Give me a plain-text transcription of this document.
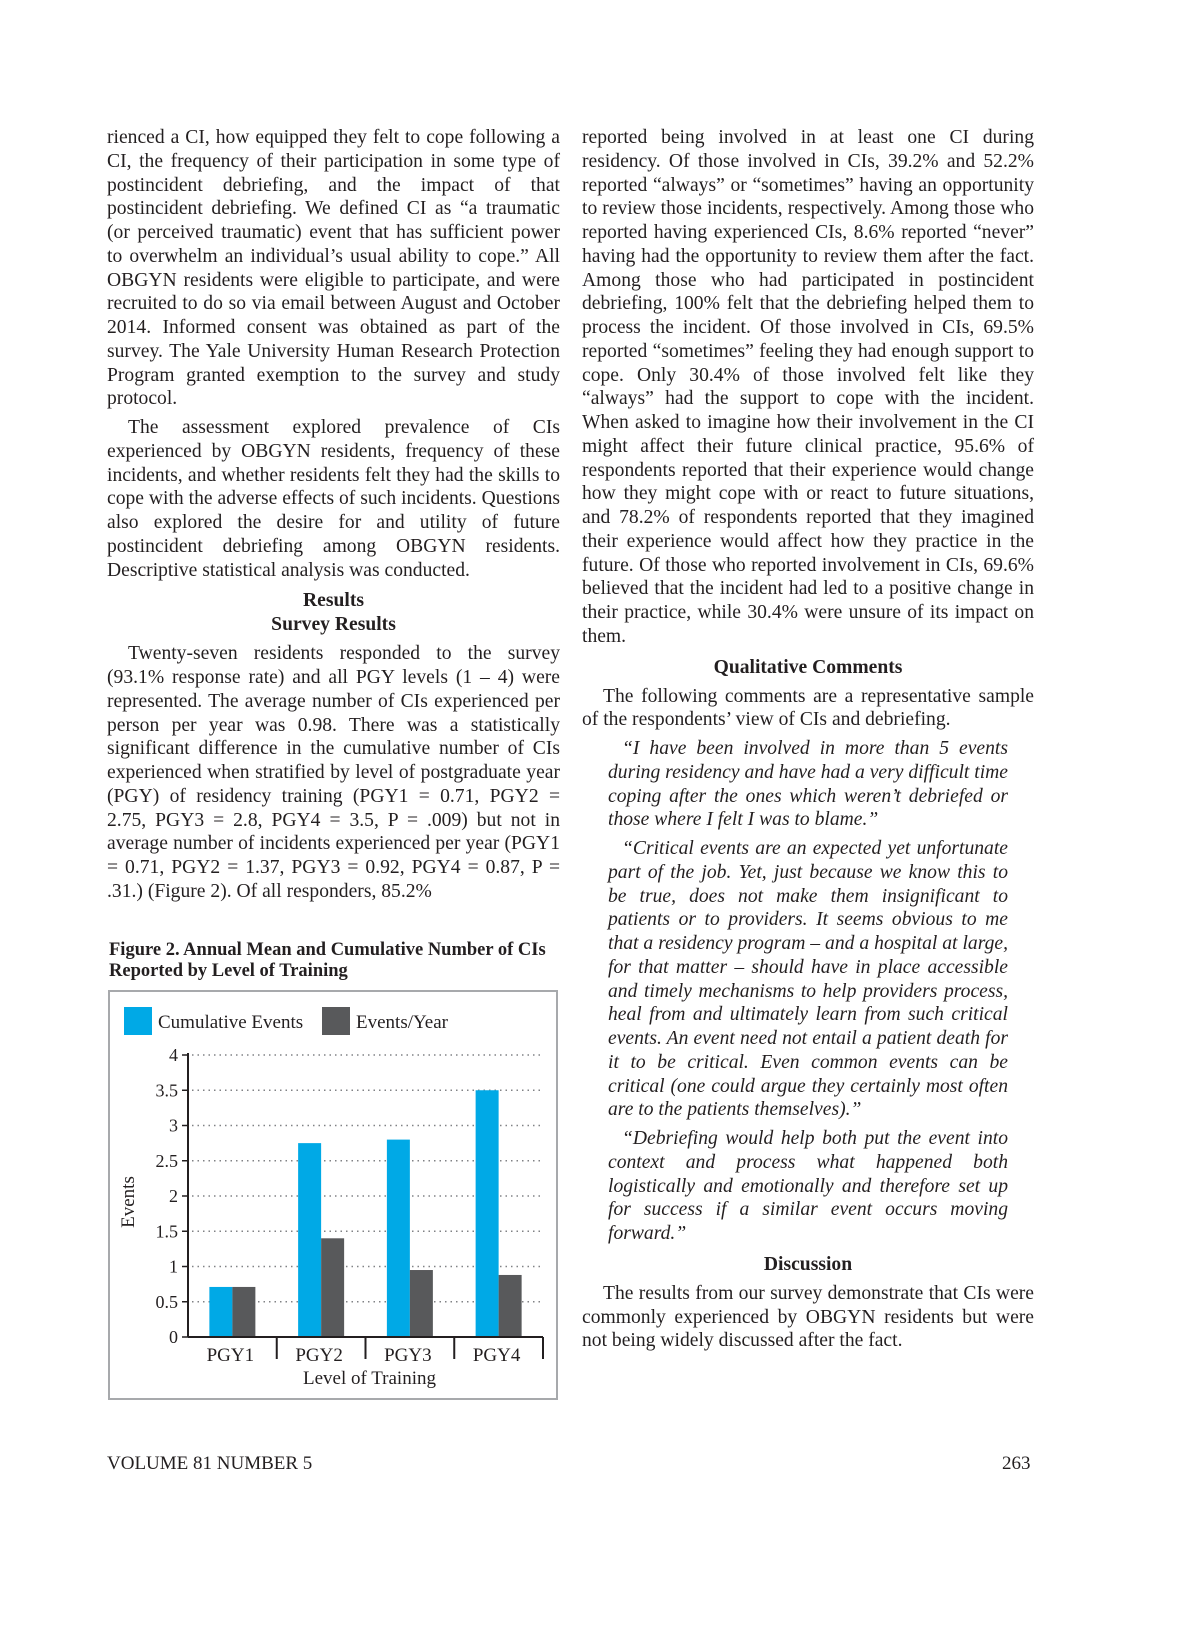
rienced a CI, how equipped they felt to cope following a CI, the frequency of their participation in some type of postincident debriefing, and the impact of that postincident debriefing. We defined CI as “a traumatic (or perceived traumatic) event that has sufficient power to overwhelm an individual’s usual ability to cope.” All OBGYN residents were eligible to participate, and were recruited to do so via email between August and October 2014. Informed consent was obtained as part of the survey. The Yale University Human Research Protection Program granted exemption to the survey and study protocol.

The assessment explored prevalence of CIs experienced by OBGYN residents, frequency of these incidents, and whether residents felt they had the skills to cope with the adverse effects of such incidents. Questions also explored the desire for and utility of future postincident debriefing among OBGYN residents. Descriptive statistical analysis was conducted.

Results
Survey Results

Twenty-seven residents responded to the survey (93.1% response rate) and all PGY levels (1 – 4) were represented. The average number of CIs experienced per person per year was 0.98. There was a statistically significant difference in the cumulative number of CIs experienced when stratified by level of postgraduate year (PGY) of residency training (PGY1 = 0.71, PGY2 = 2.75, PGY3 = 2.8, PGY4 = 3.5, P = .009) but not in average number of incidents experienced per year (PGY1 = 0.71, PGY2 = 1.37, PGY3 = 0.92, PGY4 = 0.87, P = .31.) (Figure 2). Of all responders, 85.2%

Figure 2. Annual Mean and Cumulative Number of CIs Reported by Level of Training
Cumulative Events	Events/Year
0
0.5
1
1.5
2
2.5
3
3.5
4
PGY1 PGY2 PGY3 PGY4
Level of Training
Events

reported being involved in at least one CI during residency. Of those involved in CIs, 39.2% and 52.2% reported “always” or “sometimes” having an opportunity to review those incidents, respectively. Among those who reported having experienced CIs, 8.6% reported “never” having had the opportunity to review them after the fact. Among those who had participated in postincident debriefing, 100% felt that the debriefing helped them to process the incident. Of those involved in CIs, 69.5% reported “sometimes” feeling they had enough support to cope. Only 30.4% of those involved felt like they “always” had the support to cope with the incident. When asked to imagine how their involvement in the CI might affect their future clinical practice, 95.6% of respondents reported that their experience would change how they might cope with or react to future situations, and 78.2% of respondents reported that they imagined their experience would affect how they practice in the future. Of those who reported involvement in CIs, 69.6% believed that the incident had led to a positive change in their practice, while 30.4% were unsure of its impact on them.

Qualitative Comments

The following comments are a representative sample of the respondents’ view of CIs and debriefing.

“I have been involved in more than 5 events during residency and have had a very difficult time coping after the ones which weren’t debriefed or those where I felt I was to blame.”

“Critical events are an expected yet unfortunate part of the job. Yet, just because we know this to be true, does not make them insignificant to patients or to providers. It seems obvious to me that a residency program – and a hospital at large, for that matter – should have in place accessible and timely mechanisms to help providers process, heal from and ultimately learn from such critical events. An event need not entail a patient death for it to be critical. Even common events can be critical (one could argue they certainly most often are to the patients themselves).”

“Debriefing would help both put the event into context and process what happened both logistically and emotionally and therefore set up for success if a similar event occurs moving forward.”

Discussion

The results from our survey demonstrate that CIs were commonly experienced by OBGYN residents but were not being widely discussed after the fact.

VOLUME 81 NUMBER 5	263
